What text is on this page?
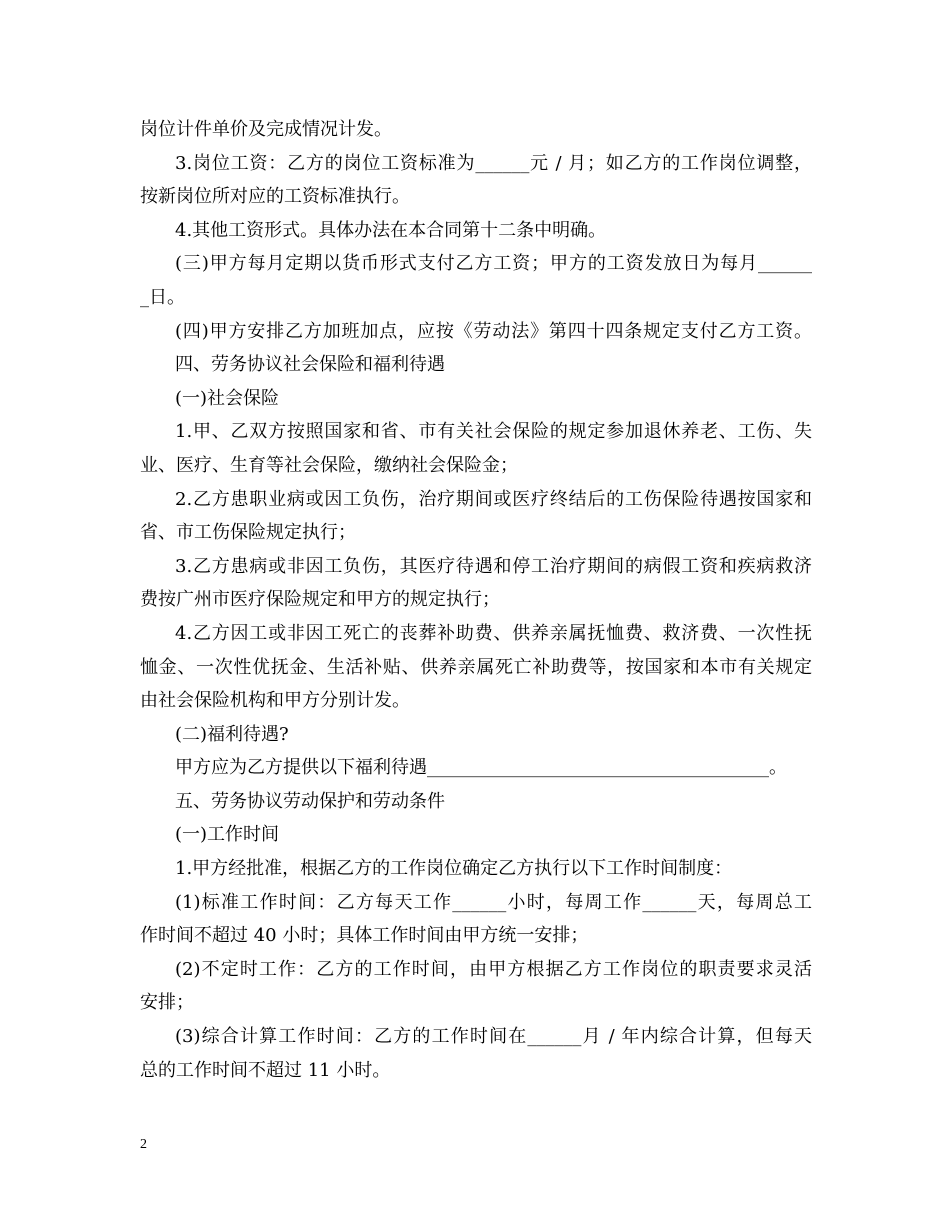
岗位计件单价及完成情况计发。
3.岗位工资：乙方的岗位工资标准为______元 / 月；如乙方的工作岗位调整，
按新岗位所对应的工资标准执行。
4.其他工资形式。具体办法在本合同第十二条中明确。
(三)甲方每月定期以货币形式支付乙方工资；甲方的工资发放日为每月______
_日。
(四)甲方安排乙方加班加点，应按《劳动法》第四十四条规定支付乙方工资。
四、劳务协议社会保险和福利待遇
(一)社会保险
1.甲、乙双方按照国家和省、市有关社会保险的规定参加退休养老、工伤、失
业、医疗、生育等社会保险，缴纳社会保险金；
2.乙方患职业病或因工负伤，治疗期间或医疗终结后的工伤保险待遇按国家和
省、市工伤保险规定执行；
3.乙方患病或非因工负伤，其医疗待遇和停工治疗期间的病假工资和疾病救济
费按广州市医疗保险规定和甲方的规定执行；
4.乙方因工或非因工死亡的丧葬补助费、供养亲属抚恤费、救济费、一次性抚
恤金、一次性优抚金、生活补贴、供养亲属死亡补助费等，按国家和本市有关规定
由社会保险机构和甲方分别计发。
(二)福利待遇?
甲方应为乙方提供以下福利待遇______________________________________。
五、劳务协议劳动保护和劳动条件
(一)工作时间
1.甲方经批准，根据乙方的工作岗位确定乙方执行以下工作时间制度：
(1)标准工作时间：乙方每天工作______小时，每周工作______天，每周总工
作时间不超过 40 小时；具体工作时间由甲方统一安排；
(2)不定时工作：乙方的工作时间，由甲方根据乙方工作岗位的职责要求灵活
安排；
(3)综合计算工作时间：乙方的工作时间在______月 / 年内综合计算，但每天
总的工作时间不超过 11 小时。
2
